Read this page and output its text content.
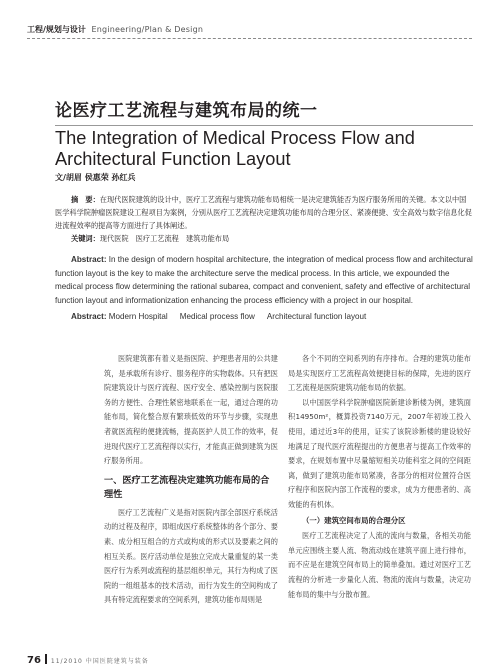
工程/规划与设计 Engineering/Plan & Design
论医疗工艺流程与建筑布局的统一
The Integration of Medical Process Flow and Architectural Function Layout
文/胡眉 侯惠荣 孙红兵

摘　要：在现代医院建筑的设计中，医疗工艺流程与建筑功能布局相统一是决定建筑能否为医疗服务所用的关键。本文以中国医学科学院肿瘤医院建设工程项目为案例，分别从医疗工艺流程决定建筑功能布局的合理分区、紧凑便捷、安全高效与数字信息化促进流程效率的提高等方面进行了具体阐述。

关键词：现代医院　医疗工艺流程　建筑功能布局

Abstract: In the design of modern hospital architecture, the integration of medical process flow and architectural function layout is the key to make the architecture serve the medical process. In this article, we expounded the medical process flow determining the rational subarea, compact and convenient, safety and effective of architectural function layout and informationization enhancing the process efficiency with a project in our hospital.

Abstract: Modern Hospital Medical process flow Architectural function layout

医院建筑都有着义是指医院、护理患者用的公共建筑，是承载所有诊疗、服务程序的实物载体。只有把医院建筑设计与医疗流程、医疗安全、感染控制与医院服务的方便性、合理性紧密地联系在一起，通过合理的功能布局，简化整合原有繁琐低效的环节与步骤，实现患者就医流程的便捷流畅，提高医护人员工作的效率，促进现代医疗工艺流程得以实行，才能真正做到建筑为医疗服务所用。

一、医疗工艺流程决定建筑功能布局的合理性

医疗工艺流程广义是指对医院内部全部医疗系统活动的过程及程序，即组成医疗系统整体的各个部分、要素、成分相互组合的方式或构成的形式以及要素之间的相互关系。医疗活动单位是独立完成大量重复的某一类医疗行为系列或流程的基层组织单元，其行为构成了医院的一组组基本的技术活动，而行为发生的空间构成了具有特定流程要求的空间系列，建筑功能布局则是

各个不同的空间系列的有序排布。合理的建筑功能布局是实现医疗工艺流程高效便捷目标的保障，先进的医疗工艺流程是医院建筑功能布局的依据。

以中国医学科学院肿瘤医院新建诊断楼为例，建筑面积14950m²，概算投资7140万元，2007年初竣工投入使用，通过近3年的使用，证实了该院诊断楼的建设较好地满足了现代医疗流程提出的方便患者与提高工作效率的要求，在规划布置中尽量缩短相关功能科室之间的空间距离，做到了建筑功能布局紧凑，各部分的相对位置符合医疗程序和医院内部工作流程的要求，成为方便患者的、高效能的有机体。

（一）建筑空间布局的合理分区

医疗工艺流程决定了人流的流向与数量，各相关功能单元应围绕主要人流、物流动线在建筑平面上进行排布，而不应是在建筑空间布局上的简单叠加。通过对医疗工艺流程的分析进一步量化人流、物流的流向与数量，决定功能布局的集中与分散布置。

76 11/2010 中国医院建筑与装备
